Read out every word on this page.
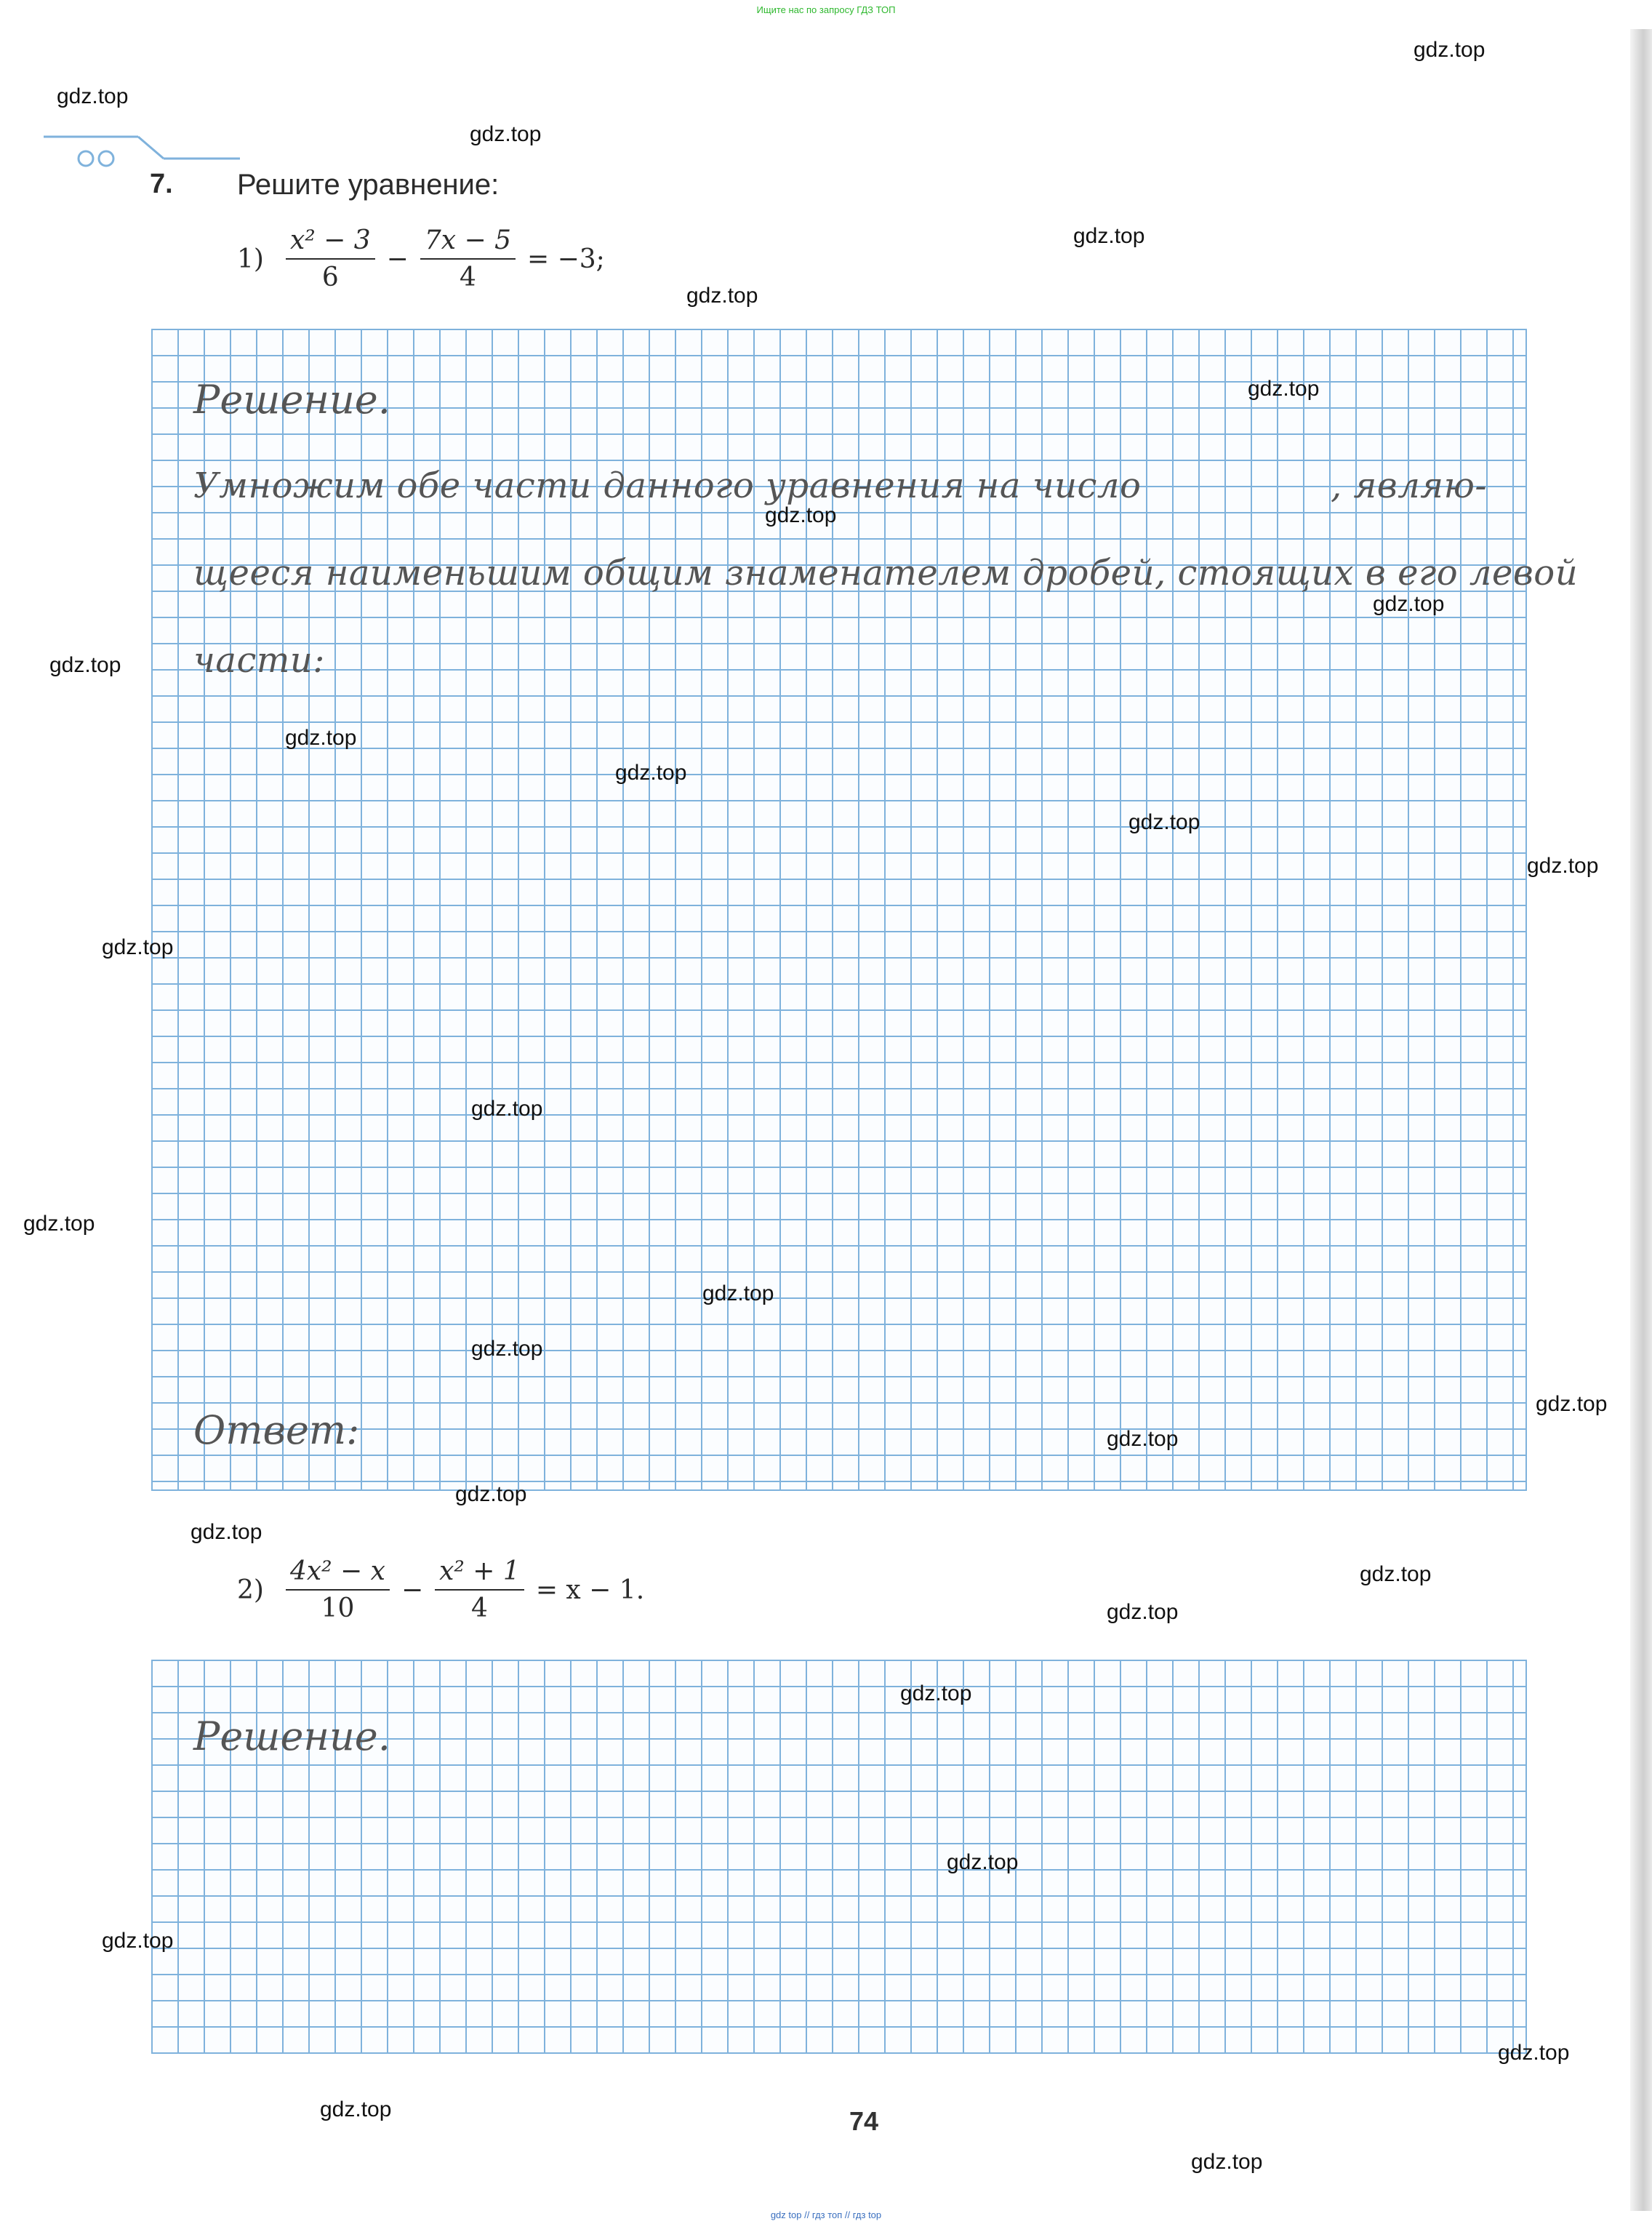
Ищите нас по запросу ГДЗ ТОП
7. Решите уравнение:
$1) \frac{\text{x² − 3}}{6} - \frac{7x - 5}{4} = -3$;
Решение.
Умножим обе части данного уравнения на число	, являю-
щееся наименьшим общим знаменателем дробей, стоящих в его левой
части:
Ответ:
$2) \frac{\text{4x² − x}}{10} - \frac{\text{x² + 1}}{4} = x - 1$.
Решение.
74
gdz.top
gdz.top
gdz.top
gdz.top
gdz.top
gdz.top
gdz.top
gdz.top
gdz.top
gdz.top
gdz.top
gdz.top
gdz.top
gdz.top
gdz.top
gdz.top
gdz.top
gdz.top
gdz.top
gdz.top
gdz.top
gdz.top
gdz.top
gdz.top
gdz.top
gdz.top
gdz.top
gdz.top
gdz.top
gdz.top
gdz top // гдз топ // гдз top
